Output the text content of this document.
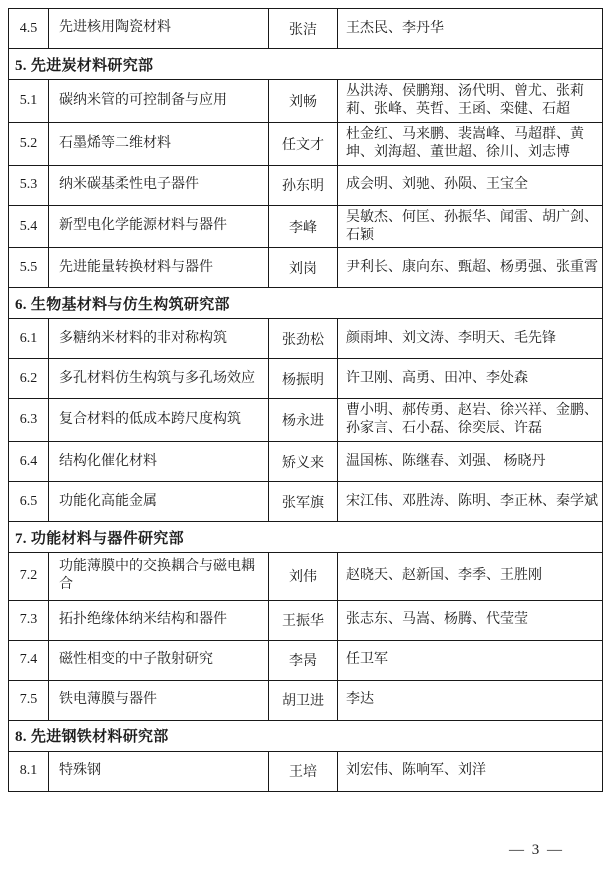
4.5	先进核用陶瓷材料	张洁	王杰民、李丹华
5. 先进炭材料研究部			
5.1	碳纳米管的可控制备与应用	刘畅	丛洪涛、侯鹏翔、汤代明、曾尤、张莉莉、张峰、英哲、王函、栾健、石超
5.2	石墨烯等二维材料	任文才	杜金红、马来鹏、裴嵩峰、马超群、黄坤、刘海超、董世超、徐川、刘志博
5.3	纳米碳基柔性电子器件	孙东明	成会明、刘驰、孙陨、王宝全
5.4	新型电化学能源材料与器件	李峰	吴敏杰、何匡、孙振华、闻雷、胡广剑、石颖
5.5	先进能量转换材料与器件	刘岗	尹利长、康向东、甄超、杨勇强、张重霄
6. 生物基材料与仿生构筑研究部			
6.1	多糖纳米材料的非对称构筑	张劲松	颜雨坤、刘文涛、李明天、毛先锋
6.2	多孔材料仿生构筑与多孔场效应	杨振明	许卫刚、高勇、田冲、李处森
6.3	复合材料的低成本跨尺度构筑	杨永进	曹小明、郝传勇、赵岩、徐兴祥、金鹏、孙家言、石小磊、徐奕辰、许磊
6.4	结构化催化材料	矫义来	温国栋、陈继春、刘强、 杨晓丹
6.5	功能化高能金属	张军旗	宋江伟、邓胜涛、陈明、李正林、秦学斌
7. 功能材料与器件研究部			
7.2	功能薄膜中的交换耦合与磁电耦合	刘伟	赵晓天、赵新国、李季、王胜刚
7.3	拓扑绝缘体纳米结构和器件	王振华	张志东、马嵩、杨腾、代莹莹
7.4	磁性相变的中子散射研究	李昺	任卫军
7.5	铁电薄膜与器件	胡卫进	李达
8. 先进钢铁材料研究部			
8.1	特殊钢	王培	刘宏伟、陈响军、刘洋
— 3 —
